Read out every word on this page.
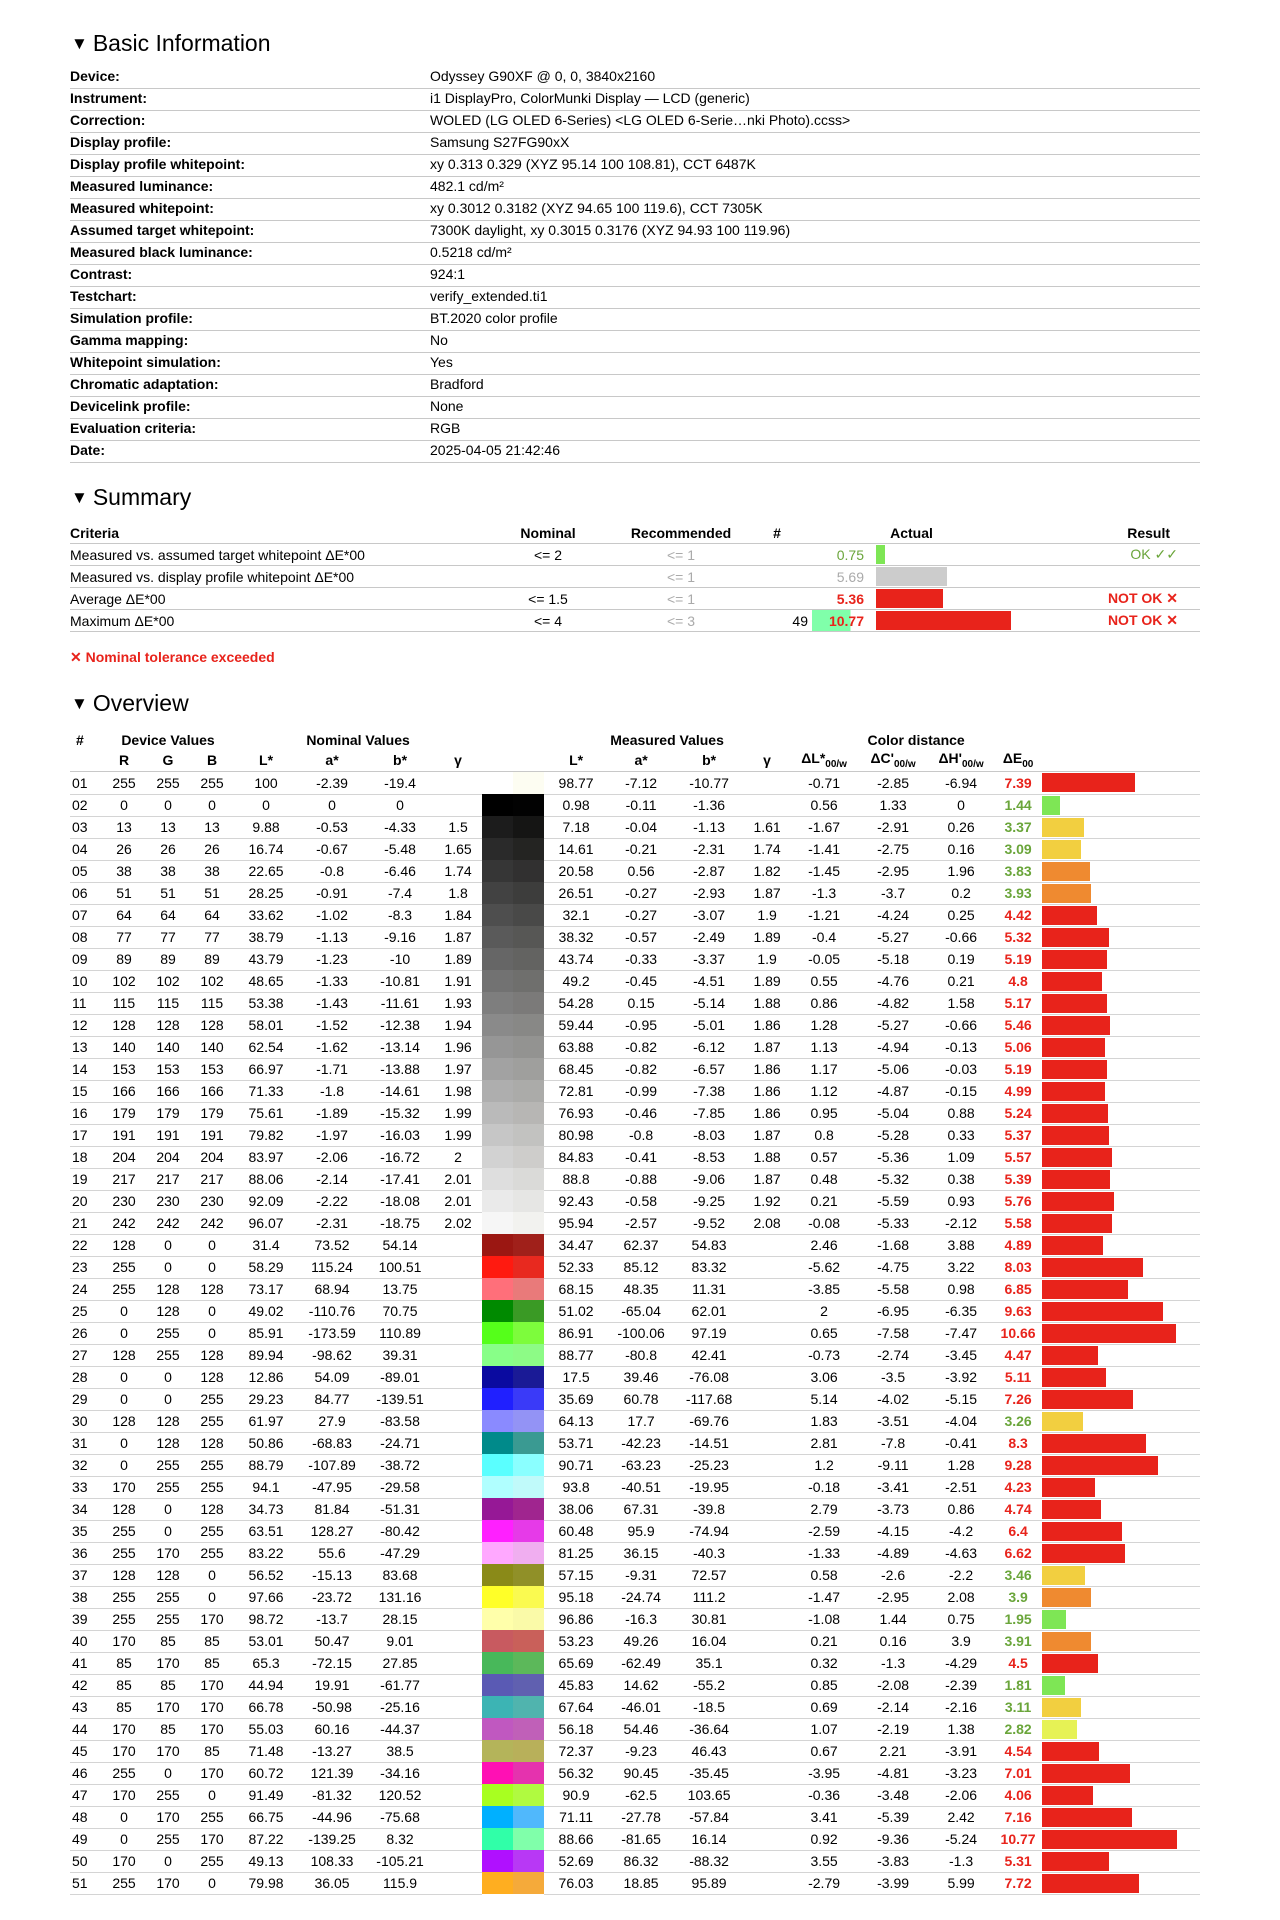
▼ Basic Information
Device:	Odyssey G90XF @ 0, 0, 3840x2160
Instrument:	i1 DisplayPro, ColorMunki Display — LCD (generic)
Correction:	WOLED (LG OLED 6-Series) <LG OLED 6-Serie…nki Photo).ccss>
Display profile:	Samsung S27FG90xX
Display profile whitepoint:	xy 0.313 0.329 (XYZ 95.14 100 108.81), CCT 6487K
Measured luminance:	482.1 cd/m²
Measured whitepoint:	xy 0.3012 0.3182 (XYZ 94.65 100 119.6), CCT 7305K
Assumed target whitepoint:	7300K daylight, xy 0.3015 0.3176 (XYZ 94.93 100 119.96)
Measured black luminance:	0.5218 cd/m²
Contrast:	924:1
Testchart:	verify_extended.ti1
Simulation profile:	BT.2020 color profile
Gamma mapping:	No
Whitepoint simulation:	Yes
Chromatic adaptation:	Bradford
Devicelink profile:	None
Evaluation criteria:	RGB
Date:	2025-04-05 21:42:46
▼ Summary
Criteria	Nominal	Recommended	#	Actual		Result
Measured vs. assumed target whitepoint ΔE*00	<= 2	<= 1		0.75		OK ✓✓
Measured vs. display profile whitepoint ΔE*00		<= 1		5.69		
Average ΔE*00	<= 1.5	<= 1		5.36		NOT OK ✕
Maximum ΔE*00	<= 4	<= 3	49	10.77		NOT OK ✕
✕ Nominal tolerance exceeded
▼ Overview
#	Device Values			Nominal Values					Measured Values				Color distance				
	R	G	B	L*	a*	b*	γ		L*	a*	b*	γ	$\Delta L*_{00/w}$	$\Delta C'_{00/w}$	$\Delta H'_{00/w}$	$\Delta E_{00}$	
01	255	255	255	100	-2.39	-19.4			98.77	-7.12	-10.77		-0.71	-2.85	-6.94	7.39	

02	0	0	0	0	0	0			0.98	-0.11	-1.36		0.56	1.33	0	1.44	

03	13	13	13	9.88	-0.53	-4.33	1.5		7.18	-0.04	-1.13	1.61	-1.67	-2.91	0.26	3.37	

04	26	26	26	16.74	-0.67	-5.48	1.65		14.61	-0.21	-2.31	1.74	-1.41	-2.75	0.16	3.09	

05	38	38	38	22.65	-0.8	-6.46	1.74		20.58	0.56	-2.87	1.82	-1.45	-2.95	1.96	3.83	

06	51	51	51	28.25	-0.91	-7.4	1.8		26.51	-0.27	-2.93	1.87	-1.3	-3.7	0.2	3.93	

07	64	64	64	33.62	-1.02	-8.3	1.84		32.1	-0.27	-3.07	1.9	-1.21	-4.24	0.25	4.42	

08	77	77	77	38.79	-1.13	-9.16	1.87		38.32	-0.57	-2.49	1.89	-0.4	-5.27	-0.66	5.32	

09	89	89	89	43.79	-1.23	-10	1.89		43.74	-0.33	-3.37	1.9	-0.05	-5.18	0.19	5.19	

10	102	102	102	48.65	-1.33	-10.81	1.91		49.2	-0.45	-4.51	1.89	0.55	-4.76	0.21	4.8	

11	115	115	115	53.38	-1.43	-11.61	1.93		54.28	0.15	-5.14	1.88	0.86	-4.82	1.58	5.17	

12	128	128	128	58.01	-1.52	-12.38	1.94		59.44	-0.95	-5.01	1.86	1.28	-5.27	-0.66	5.46	

13	140	140	140	62.54	-1.62	-13.14	1.96		63.88	-0.82	-6.12	1.87	1.13	-4.94	-0.13	5.06	

14	153	153	153	66.97	-1.71	-13.88	1.97		68.45	-0.82	-6.57	1.86	1.17	-5.06	-0.03	5.19	

15	166	166	166	71.33	-1.8	-14.61	1.98		72.81	-0.99	-7.38	1.86	1.12	-4.87	-0.15	4.99	

16	179	179	179	75.61	-1.89	-15.32	1.99		76.93	-0.46	-7.85	1.86	0.95	-5.04	0.88	5.24	

17	191	191	191	79.82	-1.97	-16.03	1.99		80.98	-0.8	-8.03	1.87	0.8	-5.28	0.33	5.37	

18	204	204	204	83.97	-2.06	-16.72	2		84.83	-0.41	-8.53	1.88	0.57	-5.36	1.09	5.57	

19	217	217	217	88.06	-2.14	-17.41	2.01		88.8	-0.88	-9.06	1.87	0.48	-5.32	0.38	5.39	

20	230	230	230	92.09	-2.22	-18.08	2.01		92.43	-0.58	-9.25	1.92	0.21	-5.59	0.93	5.76	

21	242	242	242	96.07	-2.31	-18.75	2.02		95.94	-2.57	-9.52	2.08	-0.08	-5.33	-2.12	5.58	

22	128	0	0	31.4	73.52	54.14			34.47	62.37	54.83		2.46	-1.68	3.88	4.89	

23	255	0	0	58.29	115.24	100.51			52.33	85.12	83.32		-5.62	-4.75	3.22	8.03	

24	255	128	128	73.17	68.94	13.75			68.15	48.35	11.31		-3.85	-5.58	0.98	6.85	

25	0	128	0	49.02	-110.76	70.75			51.02	-65.04	62.01		2	-6.95	-6.35	9.63	

26	0	255	0	85.91	-173.59	110.89			86.91	-100.06	97.19		0.65	-7.58	-7.47	10.66	

27	128	255	128	89.94	-98.62	39.31			88.77	-80.8	42.41		-0.73	-2.74	-3.45	4.47	

28	0	0	128	12.86	54.09	-89.01			17.5	39.46	-76.08		3.06	-3.5	-3.92	5.11	

29	0	0	255	29.23	84.77	-139.51			35.69	60.78	-117.68		5.14	-4.02	-5.15	7.26	

30	128	128	255	61.97	27.9	-83.58			64.13	17.7	-69.76		1.83	-3.51	-4.04	3.26	

31	0	128	128	50.86	-68.83	-24.71			53.71	-42.23	-14.51		2.81	-7.8	-0.41	8.3	

32	0	255	255	88.79	-107.89	-38.72			90.71	-63.23	-25.23		1.2	-9.11	1.28	9.28	

33	170	255	255	94.1	-47.95	-29.58			93.8	-40.51	-19.95		-0.18	-3.41	-2.51	4.23	

34	128	0	128	34.73	81.84	-51.31			38.06	67.31	-39.8		2.79	-3.73	0.86	4.74	

35	255	0	255	63.51	128.27	-80.42			60.48	95.9	-74.94		-2.59	-4.15	-4.2	6.4	

36	255	170	255	83.22	55.6	-47.29			81.25	36.15	-40.3		-1.33	-4.89	-4.63	6.62	

37	128	128	0	56.52	-15.13	83.68			57.15	-9.31	72.57		0.58	-2.6	-2.2	3.46	

38	255	255	0	97.66	-23.72	131.16			95.18	-24.74	111.2		-1.47	-2.95	2.08	3.9	

39	255	255	170	98.72	-13.7	28.15			96.86	-16.3	30.81		-1.08	1.44	0.75	1.95	

40	170	85	85	53.01	50.47	9.01			53.23	49.26	16.04		0.21	0.16	3.9	3.91	

41	85	170	85	65.3	-72.15	27.85			65.69	-62.49	35.1		0.32	-1.3	-4.29	4.5	

42	85	85	170	44.94	19.91	-61.77			45.83	14.62	-55.2		0.85	-2.08	-2.39	1.81	

43	85	170	170	66.78	-50.98	-25.16			67.64	-46.01	-18.5		0.69	-2.14	-2.16	3.11	

44	170	85	170	55.03	60.16	-44.37			56.18	54.46	-36.64		1.07	-2.19	1.38	2.82	

45	170	170	85	71.48	-13.27	38.5			72.37	-9.23	46.43		0.67	2.21	-3.91	4.54	

46	255	0	170	60.72	121.39	-34.16			56.32	90.45	-35.45		-3.95	-4.81	-3.23	7.01	

47	170	255	0	91.49	-81.32	120.52			90.9	-62.5	103.65		-0.36	-3.48	-2.06	4.06	

48	0	170	255	66.75	-44.96	-75.68			71.11	-27.78	-57.84		3.41	-5.39	2.42	7.16	

49	0	255	170	87.22	-139.25	8.32			88.66	-81.65	16.14		0.92	-9.36	-5.24	10.77	

50	170	0	255	49.13	108.33	-105.21			52.69	86.32	-88.32		3.55	-3.83	-1.3	5.31	

51	255	170	0	79.98	36.05	115.9			76.03	18.85	95.89		-2.79	-3.99	5.99	7.72	
